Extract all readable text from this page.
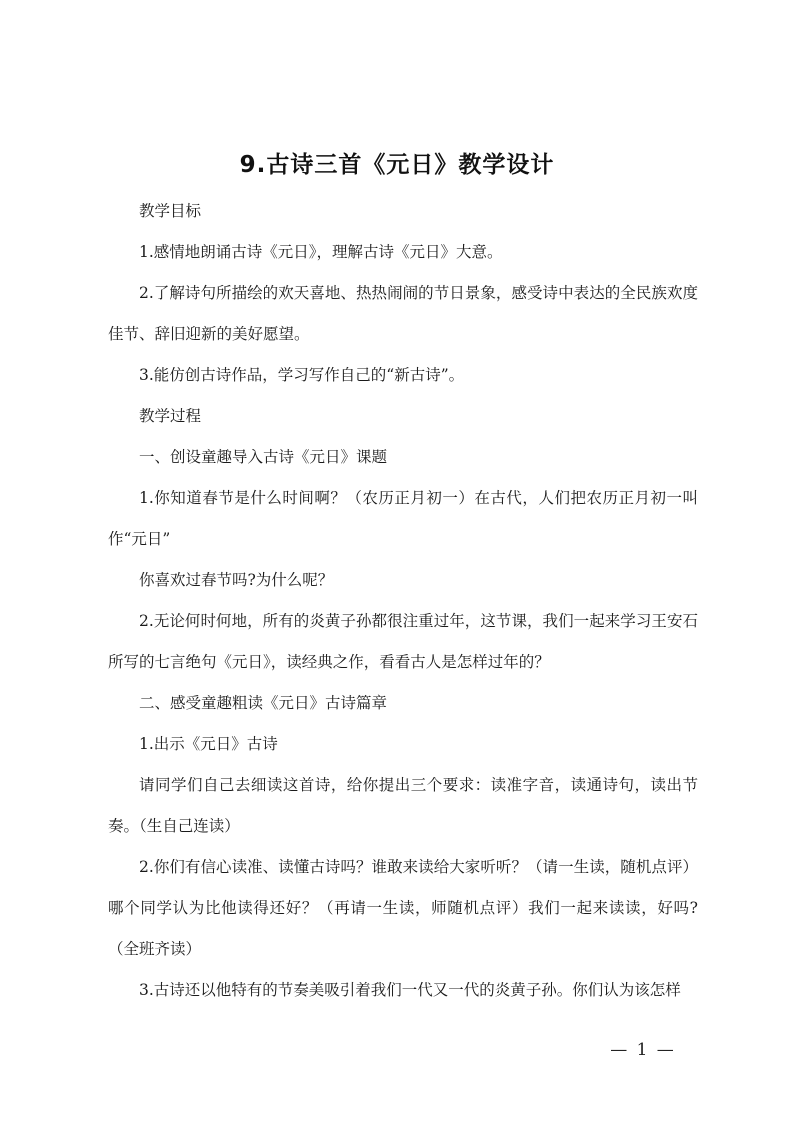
9.古诗三首《元日》教学设计

教学目标

1.感情地朗诵古诗《元日》，理解古诗《元日》大意。

2.了解诗句所描绘的欢天喜地、热热闹闹的节日景象，感受诗中表达的全民族欢度佳节、辞旧迎新的美好愿望。

3.能仿创古诗作品，学习写作自己的“新古诗”。

教学过程

一、创设童趣导入古诗《元日》课题

1.你知道春节是什么时间啊？（农历正月初一）在古代，人们把农历正月初一叫作“元日”

你喜欢过春节吗?为什么呢？

2.无论何时何地，所有的炎黄子孙都很注重过年，这节课，我们一起来学习王安石所写的七言绝句《元日》，读经典之作，看看古人是怎样过年的？

二、感受童趣粗读《元日》古诗篇章

1.出示《元日》古诗

请同学们自己去细读这首诗，给你提出三个要求：读准字音，读通诗句，读出节奏。（生自己连读）

2.你们有信心读准、读懂古诗吗？谁敢来读给大家听听？（请一生读，随机点评）哪个同学认为比他读得还好？（再请一生读，师随机点评）我们一起来读读，好吗?（全班齐读）

3.古诗还以他特有的节奏美吸引着我们一代又一代的炎黄子孙。你们认为该怎样

— 1 —
